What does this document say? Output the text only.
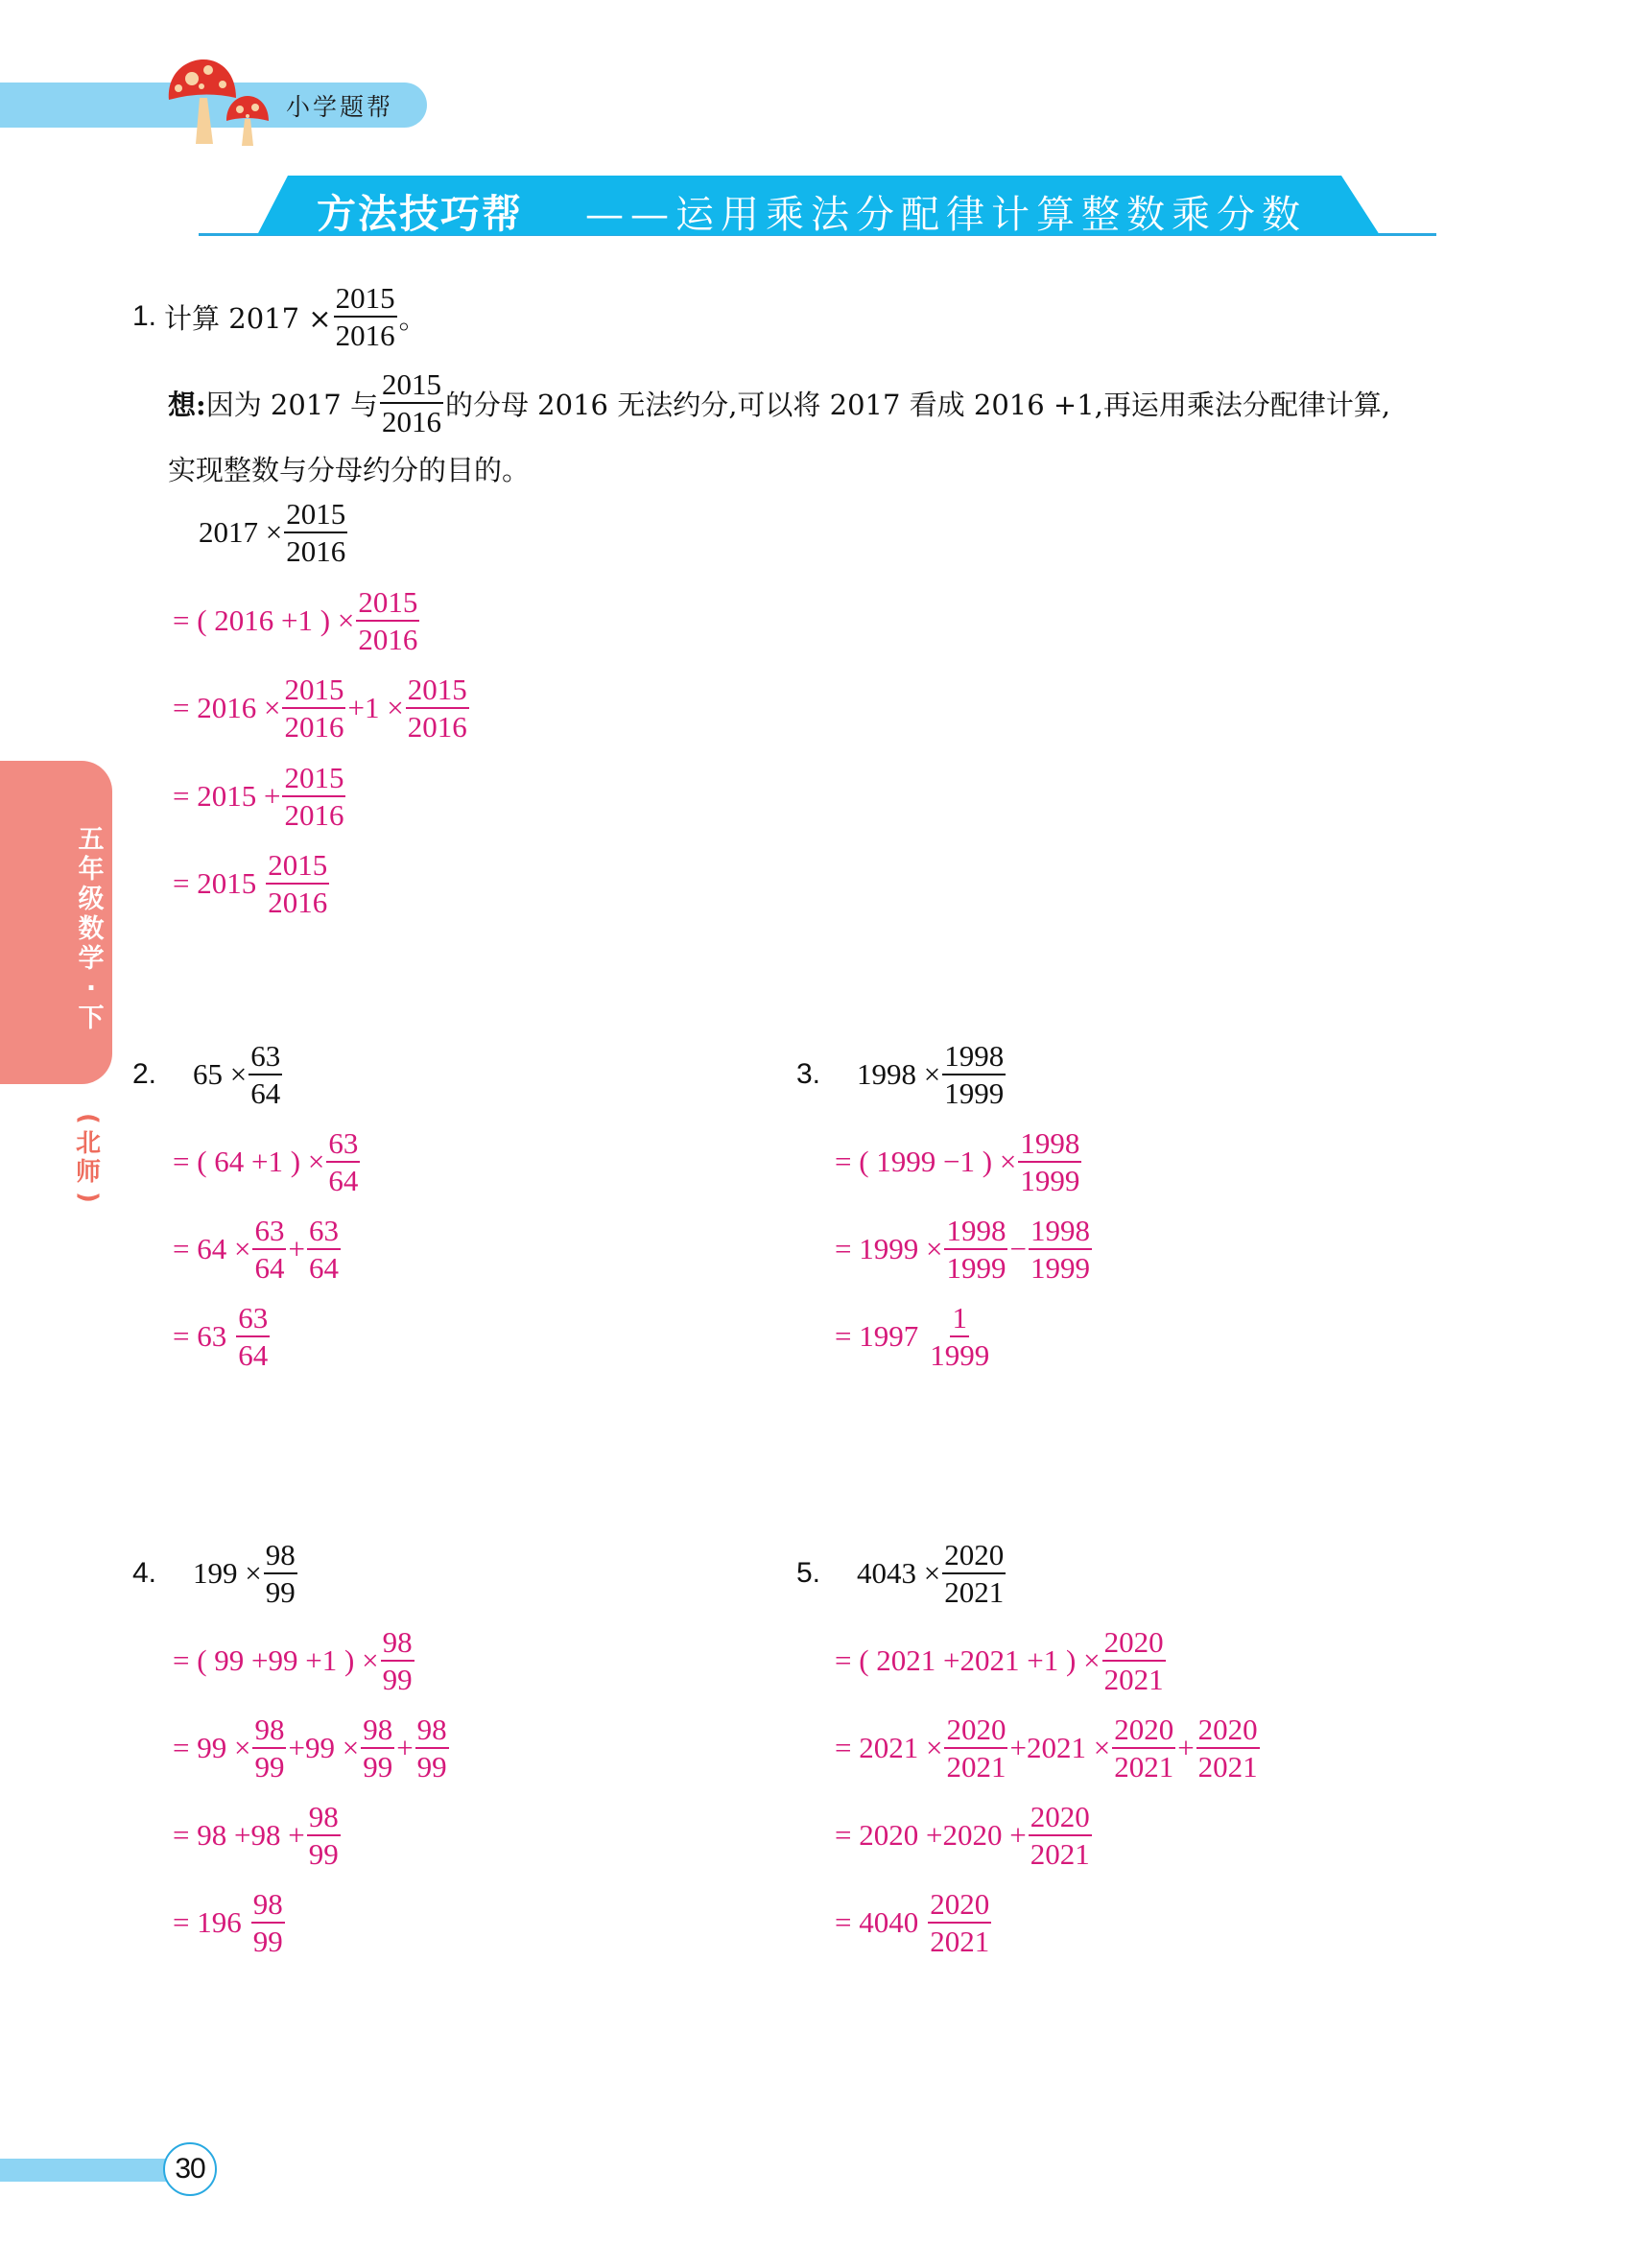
小学题帮
方法技巧帮 ——运用乘法分配律计算整数乘分数
五年级数学·下
(
北师
)
1. 计算 $2017 \times \frac{2015}{2016}$ 。
想: 因为 2017 与 $\frac{2015}{2016}$ 的分母 2016 无法约分,可以将 2017 看成 2016 +1,再运用乘法分配律计算,
实现整数与分母约分的目的。
$2017 \times \frac{2015}{2016}$
= ( 2016 +1 ) × $\frac{2015}{2016}$
= $2016 \times \frac{2015}{2016} +1 \times \frac{2015}{2016}$
= $2015 + \frac{2015}{2016}$
= $2015 \frac{2015}{2016}$
2. $65 \times \frac{63}{64}$
= ( 64 +1 ) × $\frac{63}{64}$
= $64 \times \frac{63}{64} + \frac{63}{64}$
= $63 \frac{63}{64}$
3. $1998 \times \frac{1998}{1999}$
= ( 1999 −1 ) × $\frac{1998}{1999}$
= $1999 \times \frac{1998}{1999} - \frac{1998}{1999}$
= $1997 \frac{1}{1999}$
4. $199 \times \frac{98}{99}$
= ( 99 +99 +1 ) × $\frac{98}{99}$
= $99 \times \frac{98}{99} +99 \times \frac{98}{99} + \frac{98}{99}$
= $98 +98 + \frac{98}{99}$
= $196 \frac{98}{99}$
5. $4043 \times \frac{2020}{2021}$
= ( 2021 +2021 +1 ) × $\frac{2020}{2021}$
= $2021 \times \frac{2020}{2021} +2021 \times \frac{2020}{2021} + \frac{2020}{2021}$
= $2020 +2020 + \frac{2020}{2021}$
= $4040 \frac{2020}{2021}$
30
